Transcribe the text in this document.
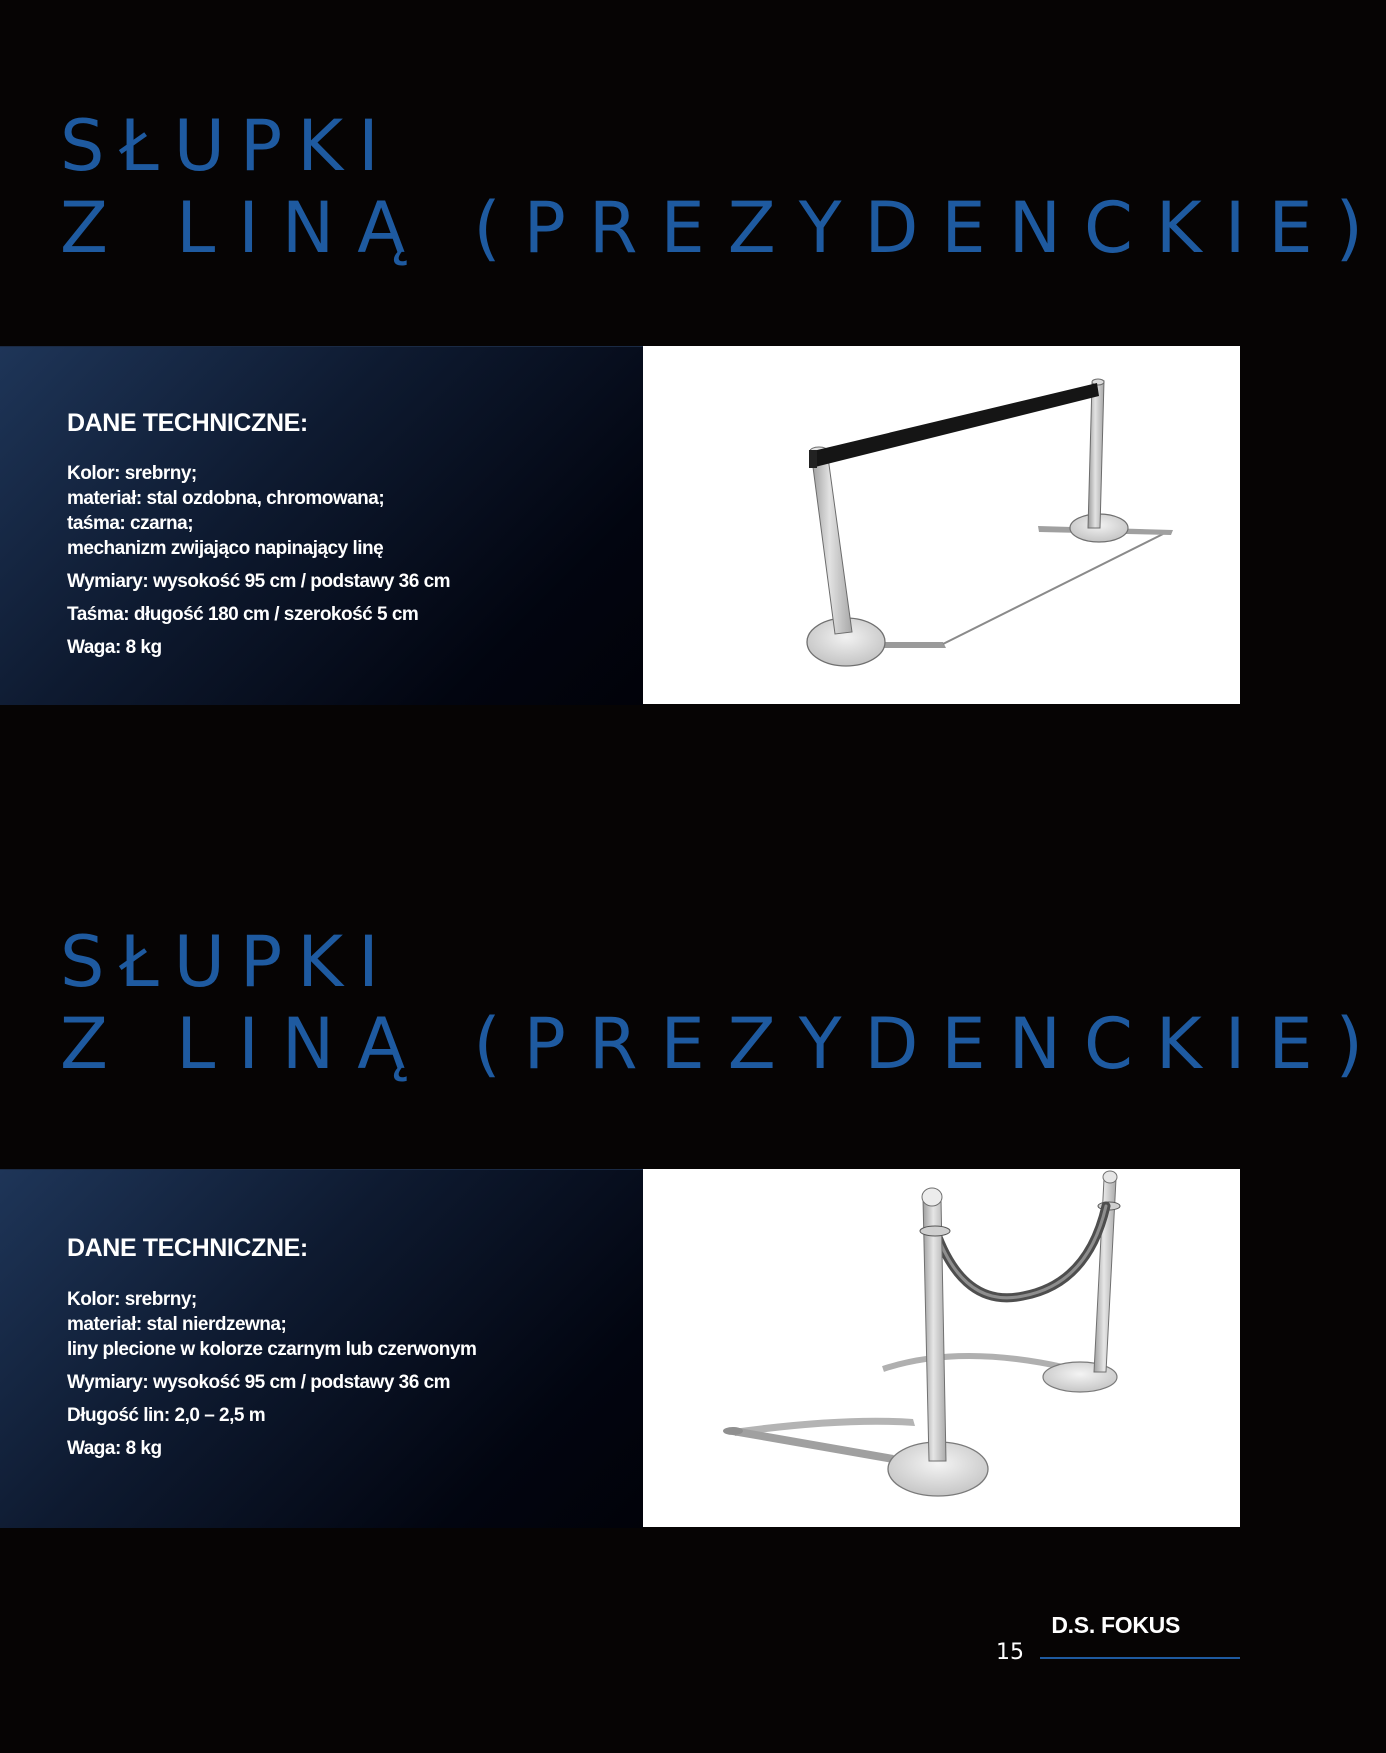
SŁUPKI
Z LINĄ (PREZYDENCKIE)
DANE TECHNICZNE:
Kolor: srebrny;
materiał: stal ozdobna, chromowana;
taśma: czarna;
mechanizm zwijająco napinający linę
Wymiary: wysokość 95 cm / podstawy 36 cm
Taśma: długość 180 cm / szerokość 5 cm
Waga: 8 kg
SŁUPKI
Z LINĄ (PREZYDENCKIE)
DANE TECHNICZNE:
Kolor: srebrny;
materiał: stal nierdzewna;
liny plecione w kolorze czarnym lub czerwonym
Wymiary: wysokość 95 cm / podstawy 36 cm
Długość lin: 2,0 – 2,5 m
Waga: 8 kg
D.S. FOKUS
15
